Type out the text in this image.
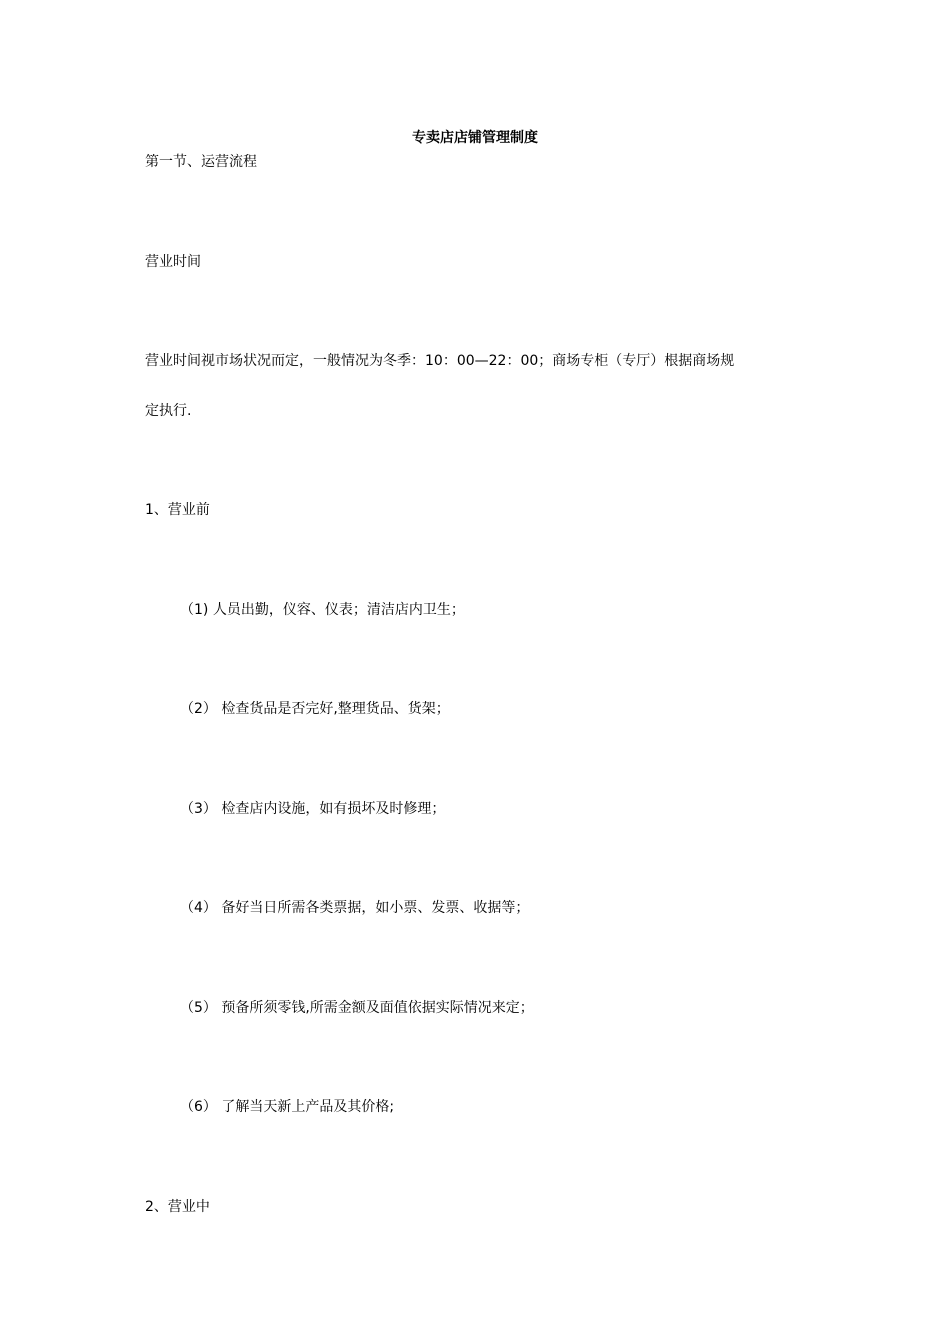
专卖店店铺管理制度
第一节、运营流程
营业时间
营业时间视市场状况而定，一般情况为冬季：10：00—22：00；商场专柜（专厅）根据商场规
定执行.
1、营业前
（1) 人员出勤，仪容、仪表；清洁店内卫生；
（2） 检查货品是否完好,整理货品、货架；
（3） 检查店内设施，如有损坏及时修理；
（4） 备好当日所需各类票据，如小票、发票、收据等；
（5） 预备所须零钱,所需金额及面值依据实际情况来定；
（6） 了解当天新上产品及其价格;
2、营业中
